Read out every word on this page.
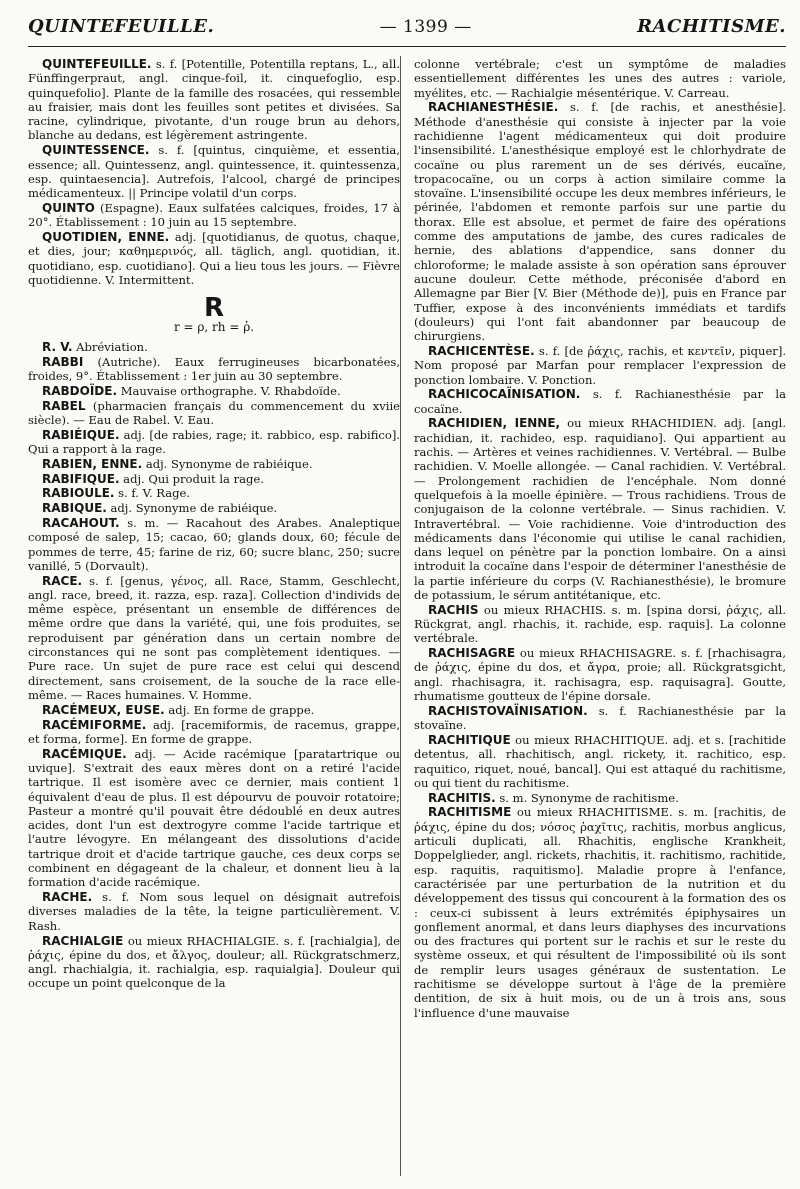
QUINTEFEUILLE.	— 1399 —	RACHITISME.

QUINTEFEUILLE. s. f. [Potentille, Potentilla reptans, L., all. Fünffingerpraut, angl. cinque-foil, it. cinquefoglio, esp. quinquefolio]. Plante de la famille des rosacées, qui ressemble au fraisier, mais dont les feuilles sont petites et divisées. Sa racine, cylindrique, pivotante, d'un rouge brun au dehors, blanche au dedans, est légèrement astringente.

QUINTESSENCE. s. f. [quintus, cinquième, et essentia, essence; all. Quintessenz, angl. quintessence, it. quintessenza, esp. quintaesencia]. Autrefois, l'alcool, chargé de principes médicamenteux. || Principe volatil d'un corps.

QUINTO (Espagne). Eaux sulfatées calciques, froides, 17 à 20°. Établissement : 10 juin au 15 septembre.

QUOTIDIEN, ENNE. adj. [quotidianus, de quotus, chaque, et dies, jour; καθημερινός, all. täglich, angl. quotidian, it. quotidiano, esp. cuotidiano]. Qui a lieu tous les jours. — Fièvre quotidienne. V. Intermittent.

R
r = ρ, rh = ῥ.

R. V. Abréviation.

RABBI (Autriche). Eaux ferrugineuses bicarbonatées, froides, 9°. Établissement : 1er juin au 30 septembre.

RABDOÏDE. Mauvaise orthographe. V. Rhabdoïde.

RABEL (pharmacien français du commencement du xviie siècle). — Eau de Rabel. V. Eau.

RABIÉIQUE. adj. [de rabies, rage; it. rabbico, esp. rabifico]. Qui a rapport à la rage.

RABIEN, ENNE. adj. Synonyme de rabiéique.

RABIFIQUE. adj. Qui produit la rage.

RABIOULE. s. f. V. Rage.

RABIQUE. adj. Synonyme de rabiéique.

RACAHOUT. s. m. — Racahout des Arabes. Analeptique composé de salep, 15; cacao, 60; glands doux, 60; fécule de pommes de terre, 45; farine de riz, 60; sucre blanc, 250; sucre vanillé, 5 (Dorvault).

RACE. s. f. [genus, γένος, all. Race, Stamm, Geschlecht, angl. race, breed, it. razza, esp. raza]. Collection d'individs de même espèce, présentant un ensemble de différences de même ordre que dans la variété, qui, une fois produites, se reproduisent par génération dans un certain nombre de circonstances qui ne sont pas complètement identiques. — Pure race. Un sujet de pure race est celui qui descend directement, sans croisement, de la souche de la race elle-même. — Races humaines. V. Homme.

RACÉMEUX, EUSE. adj. En forme de grappe.

RACÉMIFORME. adj. [racemiformis, de racemus, grappe, et forma, forme]. En forme de grappe.

RACÉMIQUE. adj. — Acide racémique [paratartrique ou uvique]. S'extrait des eaux mères dont on a retiré l'acide tartrique. Il est isomère avec ce dernier, mais contient 1 équivalent d'eau de plus. Il est dépourvu de pouvoir rotatoire; Pasteur a montré qu'il pouvait être dédoublé en deux autres acides, dont l'un est dextrogyre comme l'acide tartrique et l'autre lévogyre. En mélangeant des dissolutions d'acide tartrique droit et d'acide tartrique gauche, ces deux corps se combinent en dégageant de la chaleur, et donnent lieu à la formation d'acide racémique.

RACHE. s. f. Nom sous lequel on désignait autrefois diverses maladies de la tête, la teigne particulièrement. V. Rash.

RACHIALGIE ou mieux RHACHIALGIE. s. f. [rachialgia], de ῥάχις, épine du dos, et ἄλγος, douleur; all. Rückgratschmerz, angl. rhachialgia, it. rachialgia, esp. raquialgia]. Douleur qui occupe un point quelconque de la

colonne vertébrale; c'est un symptôme de maladies essentiellement différentes les unes des autres : variole, myélites, etc. — Rachialgie mésentérique. V. Carreau.

RACHIANESTHÉSIE. s. f. [de rachis, et anesthésie]. Méthode d'anesthésie qui consiste à injecter par la voie rachidienne l'agent médicamenteux qui doit produire l'insensibilité. L'anesthésique employé est le chlorhydrate de cocaïne ou plus rarement un de ses dérivés, eucaïne, tropacocaïne, ou un corps à action similaire comme la stovaïne. L'insensibilité occupe les deux membres inférieurs, le périnée, l'abdomen et remonte parfois sur une partie du thorax. Elle est absolue, et permet de faire des opérations comme des amputations de jambe, des cures radicales de hernie, des ablations d'appendice, sans donner du chloroforme; le malade assiste à son opération sans éprouver aucune douleur. Cette méthode, préconisée d'abord en Allemagne par Bier [V. Bier (Méthode de)], puis en France par Tuffier, expose à des inconvénients immédiats et tardifs (douleurs) qui l'ont fait abandonner par beaucoup de chirurgiens.

RACHICENTÈSE. s. f. [de ῥάχις, rachis, et κεντεῖν, piquer]. Nom proposé par Marfan pour remplacer l'expression de ponction lombaire. V. Ponction.

RACHICOCAÏNISATION. s. f. Rachianesthésie par la cocaïne.

RACHIDIEN, IENNE, ou mieux RHACHIDIEN. adj. [angl. rachidian, it. rachideo, esp. raquidiano]. Qui appartient au rachis. — Artères et veines rachidiennes. V. Vertébral. — Bulbe rachidien. V. Moelle allongée. — Canal rachidien. V. Vertébral. — Prolongement rachidien de l'encéphale. Nom donné quelquefois à la moelle épinière. — Trous rachidiens. Trous de conjugaison de la colonne vertébrale. — Sinus rachidien. V. Intravertébral. — Voie rachidienne. Voie d'introduction des médicaments dans l'économie qui utilise le canal rachidien, dans lequel on pénètre par la ponction lombaire. On a ainsi introduit la cocaïne dans l'espoir de déterminer l'anesthésie de la partie inférieure du corps (V. Rachianesthésie), le bromure de potassium, le sérum antitétanique, etc.

RACHIS ou mieux RHACHIS. s. m. [spina dorsi, ῥάχις, all. Rückgrat, angl. rhachis, it. rachide, esp. raquis]. La colonne vertébrale.

RACHISAGRE ou mieux RHACHISAGRE. s. f. [rhachisagra, de ῥάχις, épine du dos, et ἄγρα, proie; all. Rückgratsgicht, angl. rhachisagra, it. rachisagra, esp. raquisagra]. Goutte, rhumatisme goutteux de l'épine dorsale.

RACHISTOVAÏNISATION. s. f. Rachianesthésie par la stovaïne.

RACHITIQUE ou mieux RHACHITIQUE. adj. et s. [rachitide detentus, all. rhachitisch, angl. rickety, it. rachitico, esp. raquitico, riquet, noué, bancal]. Qui est attaqué du rachitisme, ou qui tient du rachitisme.

RACHITIS. s. m. Synonyme de rachitisme.

RACHITISME ou mieux RHACHITISME. s. m. [rachitis, de ῥάχις, épine du dos; νόσος ῥαχῖτις, rachitis, morbus anglicus, articuli duplicati, all. Rhachitis, englische Krankheit, Doppelglieder, angl. rickets, rhachitis, it. rachitismo, rachitide, esp. raquitis, raquitismo]. Maladie propre à l'enfance, caractérisée par une perturbation de la nutrition et du développement des tissus qui concourent à la formation des os : ceux-ci subissent à leurs extrémités épiphysaires un gonflement anormal, et dans leurs diaphyses des incurvations ou des fractures qui portent sur le rachis et sur le reste du système osseux, et qui résultent de l'impossibilité où ils sont de remplir leurs usages généraux de sustentation. Le rachitisme se développe surtout à l'âge de la première dentition, de six à huit mois, ou de un à trois ans, sous l'influence d'une mauvaise
